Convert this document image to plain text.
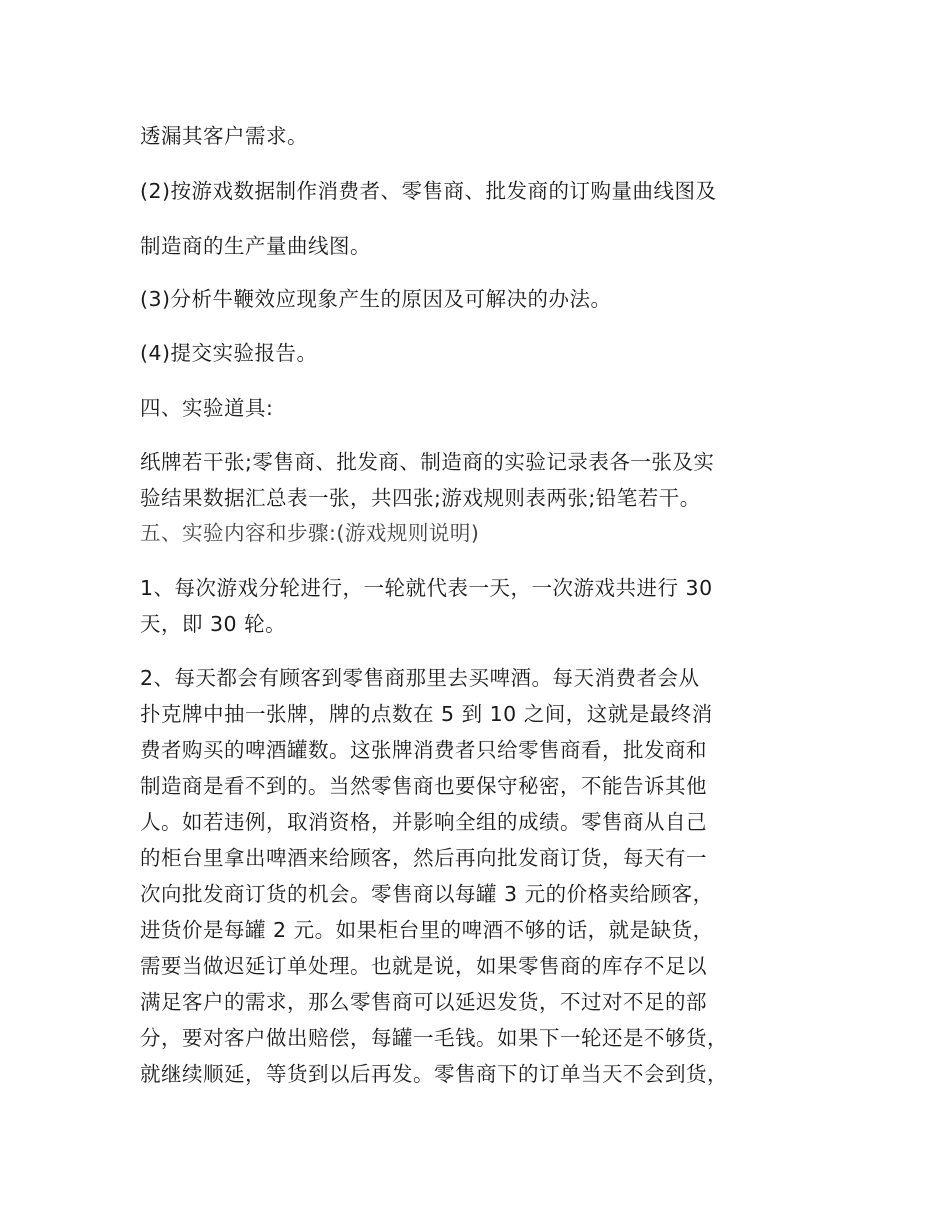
透漏其客户需求。
(2)按游戏数据制作消费者、零售商、批发商的订购量曲线图及
制造商的生产量曲线图。
(3)分析牛鞭效应现象产生的原因及可解决的办法。
(4)提交实验报告。
四、实验道具:
纸牌若干张;零售商、批发商、制造商的实验记录表各一张及实
验结果数据汇总表一张，共四张;游戏规则表两张;铅笔若干。
五、实验内容和步骤:(游戏规则说明)
1、每次游戏分轮进行，一轮就代表一天，一次游戏共进行 30
天，即 30 轮。
2、每天都会有顾客到零售商那里去买啤酒。每天消费者会从
扑克牌中抽一张牌，牌的点数在 5 到 10 之间，这就是最终消
费者购买的啤酒罐数。这张牌消费者只给零售商看，批发商和
制造商是看不到的。当然零售商也要保守秘密，不能告诉其他
人。如若违例，取消资格，并影响全组的成绩。零售商从自己
的柜台里拿出啤酒来给顾客，然后再向批发商订货，每天有一
次向批发商订货的机会。零售商以每罐 3 元的价格卖给顾客，
进货价是每罐 2 元。如果柜台里的啤酒不够的话，就是缺货，
需要当做迟延订单处理。也就是说，如果零售商的库存不足以
满足客户的需求，那么零售商可以延迟发货，不过对不足的部
分，要对客户做出赔偿，每罐一毛钱。如果下一轮还是不够货，
就继续顺延，等货到以后再发。零售商下的订单当天不会到货，
